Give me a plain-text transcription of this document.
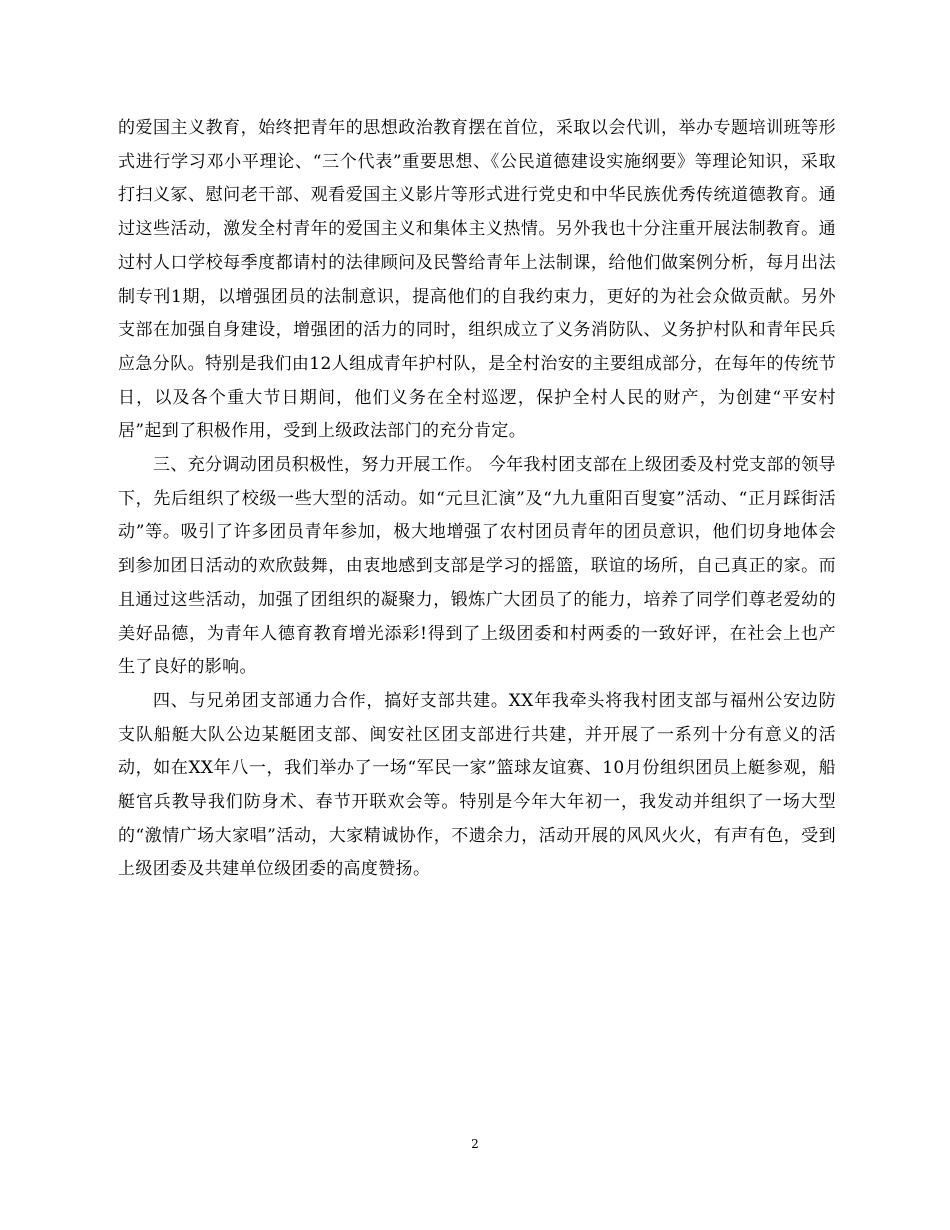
的爱国主义教育，始终把青年的思想政治教育摆在首位，采取以会代训，举办专题培训班等形式进行学习邓小平理论、“三个代表”重要思想、《公民道德建设实施纲要》等理论知识，采取打扫义冢、慰问老干部、观看爱国主义影片等形式进行党史和中华民族优秀传统道德教育。通过这些活动，激发全村青年的爱国主义和集体主义热情。另外我也十分注重开展法制教育。通过村人口学校每季度都请村的法律顾问及民警给青年上法制课，给他们做案例分析，每月出法制专刊1期，以增强团员的法制意识，提高他们的自我约束力，更好的为社会众做贡献。另外支部在加强自身建设，增强团的活力的同时，组织成立了义务消防队、义务护村队和青年民兵应急分队。特别是我们由12人组成青年护村队，是全村治安的主要组成部分，在每年的传统节日，以及各个重大节日期间，他们义务在全村巡逻，保护全村人民的财产，为创建“平安村居”起到了积极作用，受到上级政法部门的充分肯定。

三、充分调动团员积极性，努力开展工作。 今年我村团支部在上级团委及村党支部的领导下，先后组织了校级一些大型的活动。如“元旦汇演”及“九九重阳百叟宴”活动、“正月踩街活动”等。吸引了许多团员青年参加，极大地增强了农村团员青年的团员意识，他们切身地体会到参加团日活动的欢欣鼓舞，由衷地感到支部是学习的摇篮，联谊的场所，自己真正的家。而且通过这些活动，加强了团组织的凝聚力，锻炼广大团员了的能力，培养了同学们尊老爱幼的美好品德，为青年人德育教育增光添彩!得到了上级团委和村两委的一致好评，在社会上也产生了良好的影响。

四、与兄弟团支部通力合作，搞好支部共建。XX年我牵头将我村团支部与福州公安边防支队船艇大队公边某艇团支部、闽安社区团支部进行共建，并开展了一系列十分有意义的活动，如在XX年八一，我们举办了一场“军民一家”篮球友谊赛、10月份组织团员上艇参观，船艇官兵教导我们防身术、春节开联欢会等。特别是今年大年初一，我发动并组织了一场大型的“激情广场大家唱”活动，大家精诚协作，不遗余力，活动开展的风风火火，有声有色，受到上级团委及共建单位级团委的高度赞扬。

2
